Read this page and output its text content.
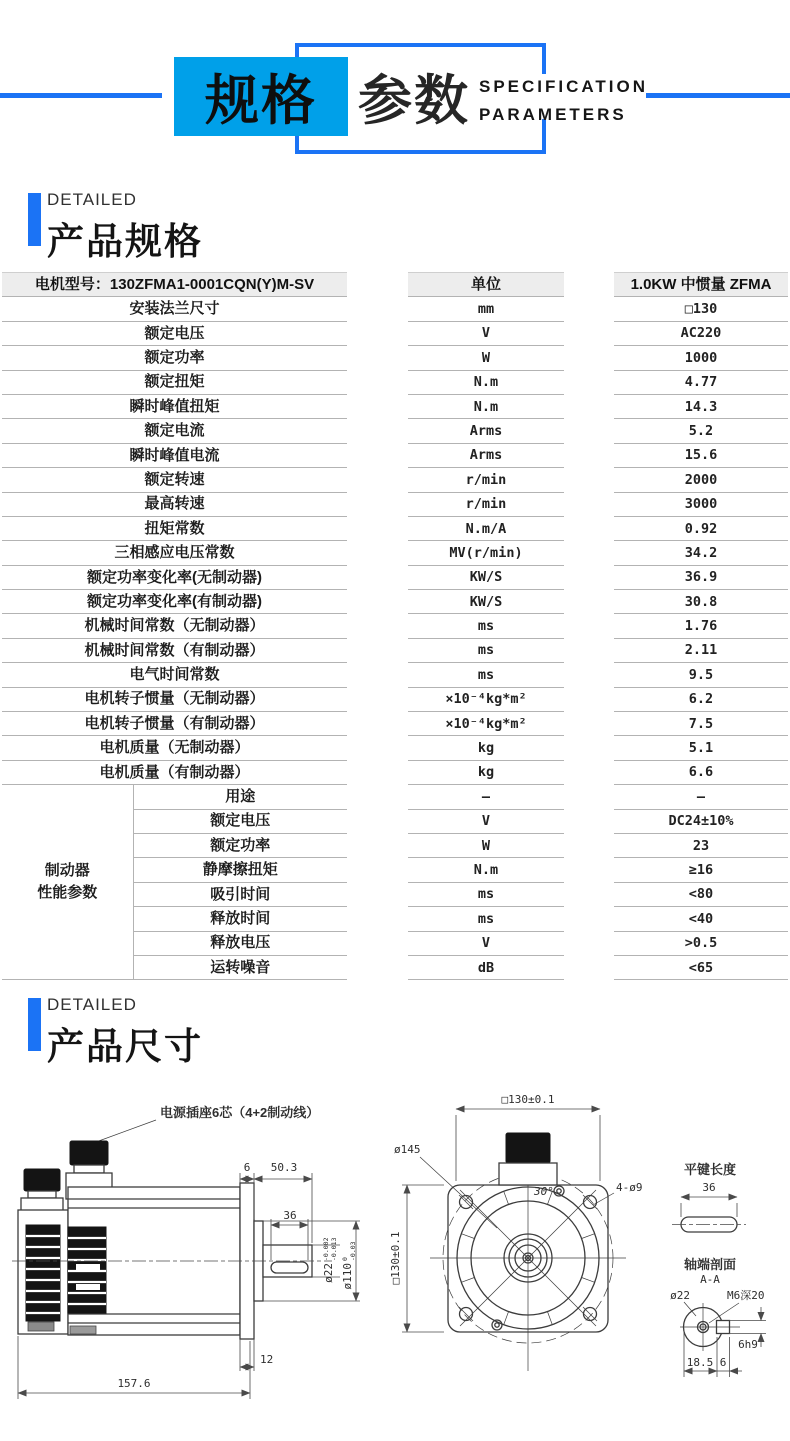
规格 参数 SPECIFICATION
PARAMETERS
DETAILED
产品规格
电机型号：130ZFMA1-0001CQN(Y)M-SV			单位		1.0KW 中惯量 ZFMA
安装法兰尺寸			mm		□130
额定电压			V		AC220
额定功率			W		1000
额定扭矩			N.m		4.77
瞬时峰值扭矩			N.m		14.3
额定电流			Arms		5.2
瞬时峰值电流			Arms		15.6
额定转速			r/min		2000
最高转速			r/min		3000
扭矩常数			N.m/A		0.92
三相感应电压常数			MV(r/min)		34.2
额定功率变化率(无制动器)			KW/S		36.9
额定功率变化率(有制动器)			KW/S		30.8
机械时间常数（无制动器）			ms		1.76
机械时间常数（有制动器）			ms		2.11
电气时间常数			ms		9.5
电机转子惯量（无制动器）			×10⁻⁴kg*m²		6.2
电机转子惯量（有制动器）			×10⁻⁴kg*m²		7.5
电机质量（无制动器）			kg		5.1
电机质量（有制动器）			kg		6.6

制动器
性能参数	用途		—		—
	额定电压		V		DC24±10%
	额定功率		W		23
	静摩擦扭矩		N.m		≥16
	吸引时间		ms		<80
	释放时间		ms		<40
	释放电压		V		>0.5
	运转噪音		dB		<65
DETAILED
产品尺寸
电源插座6芯（4+2制动线）
6 50.3
36
ø22
-0.002 -0.013
ø110
0 -0.03
12
157.6
□130±0.1
□130±0.1
ø145
4-ø9
30°
平键长度
36
轴端剖面
A-A
ø22	M6深20
6h9
18.5 6
